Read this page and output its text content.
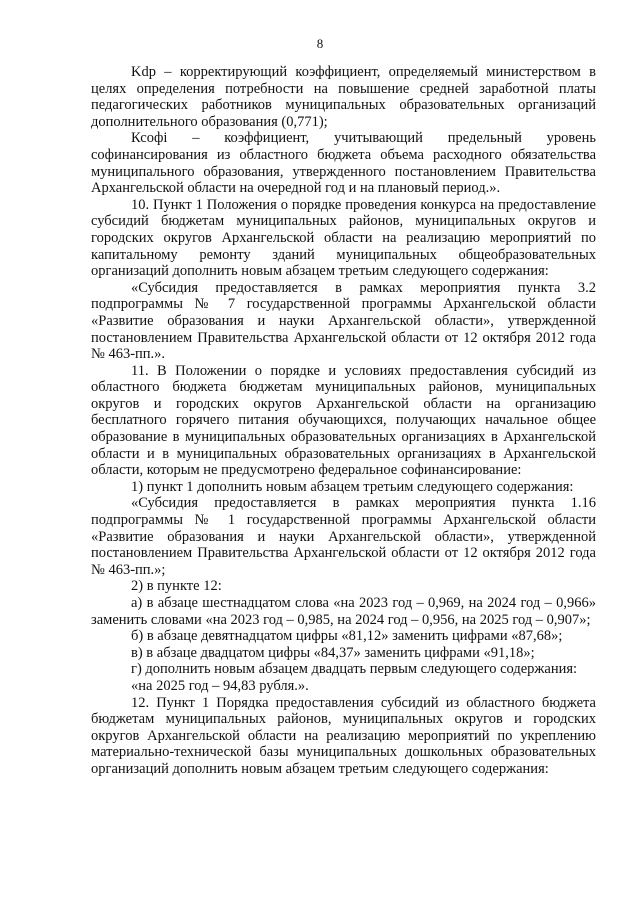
8

Kdp – корректирующий коэффициент, определяемый министерством в целях определения потребности на повышение средней заработной платы педагогических работников муниципальных образовательных организаций дополнительного образования (0,771);

Ксофі – коэффициент, учитывающий предельный уровень софинансирования из областного бюджета объема расходного обязательства муниципального образования, утвержденного постановлением Правительства Архангельской области на очередной год и на плановый период.».

10. Пункт 1 Положения о порядке проведения конкурса на предоставление субсидий бюджетам муниципальных районов, муниципальных округов и городских округов Архангельской области на реализацию мероприятий по капитальному ремонту зданий муниципальных общеобразовательных организаций дополнить новым абзацем третьим следующего содержания:

«Субсидия предоставляется в рамках мероприятия пункта 3.2 подпрограммы № 7 государственной программы Архангельской области «Развитие образования и науки Архангельской области», утвержденной постановлением Правительства Архангельской области от 12 октября 2012 года № 463-пп.».

11. В Положении о порядке и условиях предоставления субсидий из областного бюджета бюджетам муниципальных районов, муниципальных округов и городских округов Архангельской области на организацию бесплатного горячего питания обучающихся, получающих начальное общее образование в муниципальных образовательных организациях в Архангельской области и в муниципальных образовательных организациях в Архангельской области, которым не предусмотрено федеральное софинансирование:

1) пункт 1 дополнить новым абзацем третьим следующего содержания:

«Субсидия предоставляется в рамках мероприятия пункта 1.16 подпрограммы № 1 государственной программы Архангельской области «Развитие образования и науки Архангельской области», утвержденной постановлением Правительства Архангельской области от 12 октября 2012 года № 463-пп.»;

2) в пункте 12:

а) в абзаце шестнадцатом слова «на 2023 год – 0,969, на 2024 год – 0,966» заменить словами «на 2023 год – 0,985, на 2024 год – 0,956, на 2025 год – 0,907»;

б) в абзаце девятнадцатом цифры «81,12» заменить цифрами «87,68»;

в) в абзаце двадцатом цифры «84,37» заменить цифрами «91,18»;

г) дополнить новым абзацем двадцать первым следующего содержания:

«на 2025 год – 94,83 рубля.».

12. Пункт 1 Порядка предоставления субсидий из областного бюджета бюджетам муниципальных районов, муниципальных округов и городских округов Архангельской области на реализацию мероприятий по укреплению материально-технической базы муниципальных дошкольных образовательных организаций дополнить новым абзацем третьим следующего содержания:
